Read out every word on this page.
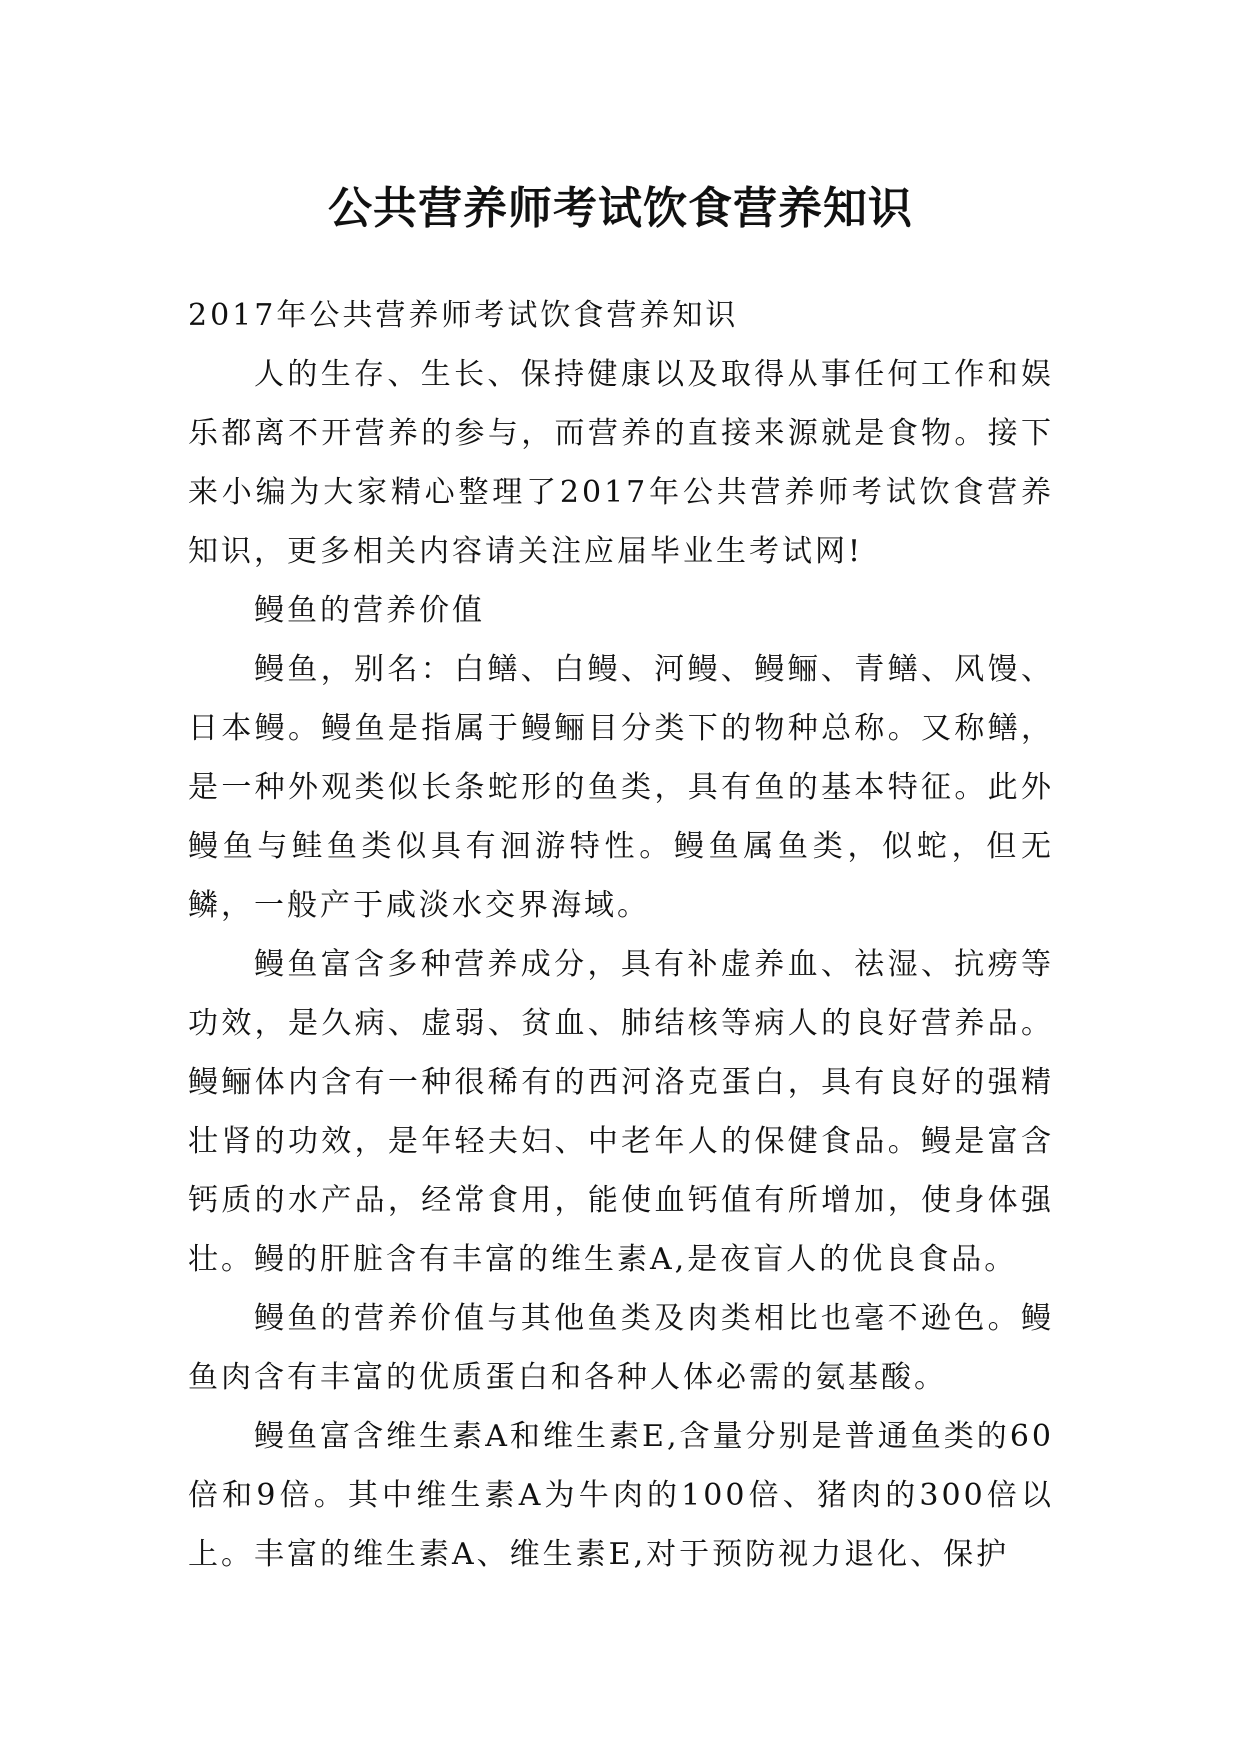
公共营养师考试饮食营养知识

2017年公共营养师考试饮食营养知识

人的生存、生长、保持健康以及取得从事任何工作和娱乐都离不开营养的参与，而营养的直接来源就是食物。接下来小编为大家精心整理了2017年公共营养师考试饮食营养知识，更多相关内容请关注应届毕业生考试网!

鳗鱼的营养价值

鳗鱼，别名：白鳝、白鳗、河鳗、鳗鲡、青鳝、风馒、日本鳗。鳗鱼是指属于鳗鲡目分类下的物种总称。又称鳝，是一种外观类似长条蛇形的鱼类，具有鱼的基本特征。此外鳗鱼与鲑鱼类似具有洄游特性。鳗鱼属鱼类，似蛇，但无鳞，一般产于咸淡水交界海域。

鳗鱼富含多种营养成分，具有补虚养血、祛湿、抗痨等功效，是久病、虚弱、贫血、肺结核等病人的良好营养品。鳗鲡体内含有一种很稀有的西河洛克蛋白，具有良好的强精壮肾的功效，是年轻夫妇、中老年人的保健食品。鳗是富含钙质的水产品，经常食用，能使血钙值有所增加，使身体强壮。鳗的肝脏含有丰富的维生素A,是夜盲人的优良食品。

鳗鱼的营养价值与其他鱼类及肉类相比也毫不逊色。鳗鱼肉含有丰富的优质蛋白和各种人体必需的氨基酸。

鳗鱼富含维生素A和维生素E,含量分别是普通鱼类的60倍和9倍。其中维生素A为牛肉的100倍、猪肉的300倍以上。丰富的维生素A、维生素E,对于预防视力退化、保护
